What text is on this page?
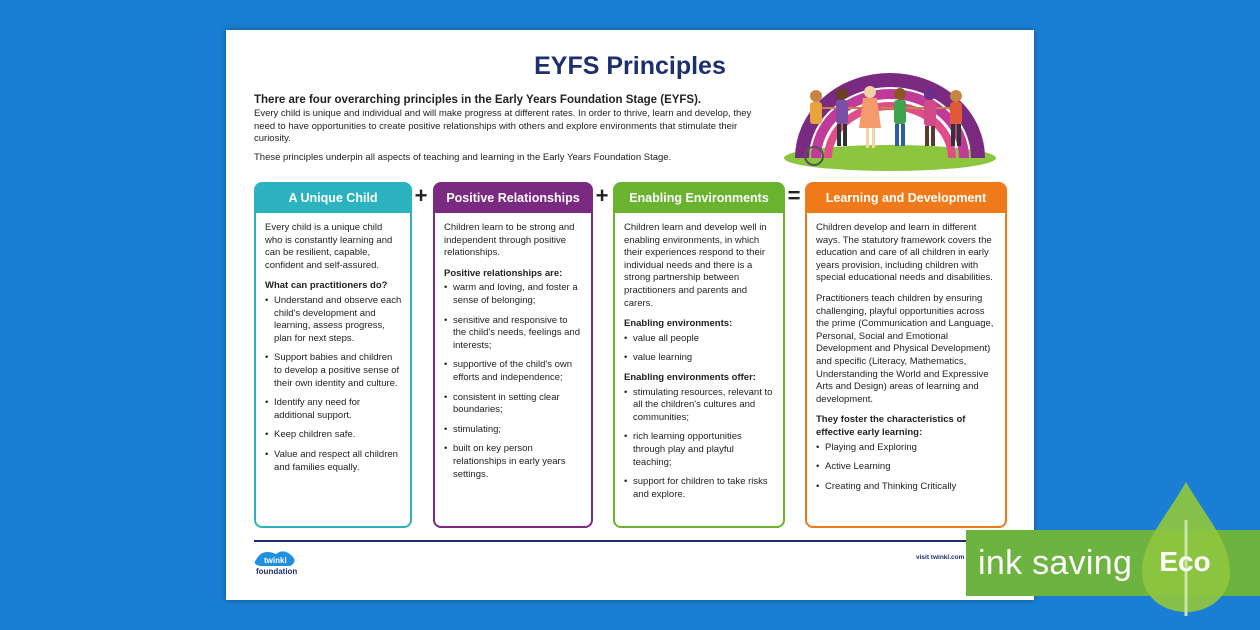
EYFS Principles

There are four overarching principles in the Early Years Foundation Stage (EYFS).

Every child is unique and individual and will make progress at different rates. In order to thrive, learn and develop, they need to have opportunities to create positive relationships with others and explore environments that stimulate their curiosity.

These principles underpin all aspects of teaching and learning in the Early Years Foundation Stage.

A Unique Child

Every child is a unique child who is constantly learning and can be resilient, capable, confident and self-assured.

What can practitioners do?

• Understand and observe each child's development and learning, assess progress, plan for next steps.
• Support babies and children to develop a positive sense of their own identity and culture.
• Identify any need for additional support.
• Keep children safe.
• Value and respect all children and families equally.
+	Positive Relationships

Children learn to be strong and independent through positive relationships.

Positive relationships are:

• warm and loving, and foster a sense of belonging;
• sensitive and responsive to the child's needs, feelings and interests;
• supportive of the child's own efforts and independence;
• consistent in setting clear boundaries;
• stimulating;
• built on key person relationships in early years settings.
+	Enabling Environments

Children learn and develop well in enabling environments, in which their experiences respond to their individual needs and there is a strong partnership between practitioners and parents and carers.

Enabling environments:

• value all people
• value learning

Enabling environments offer:

• stimulating resources, relevant to all the children's cultures and communities;
• rich learning opportunities through play and playful teaching;
• support for children to take risks and explore.
=	Learning and Development

Children develop and learn in different ways. The statutory framework covers the education and care of all children in early years provision, including children with special educational needs and disabilities.

Practitioners teach children by ensuring challenging, playful opportunities across the prime (Communication and Language, Personal, Social and Emotional Development and Physical Development) and specific (Literacy, Mathematics, Understanding the World and Expressive Arts and Design) areas of learning and development.

They foster the characteristics of effective early learning:

• Playing and Exploring
• Active Learning
• Creating and Thinking Critically
twinkl
foundation
visit twinkl.com ink saving Eco
